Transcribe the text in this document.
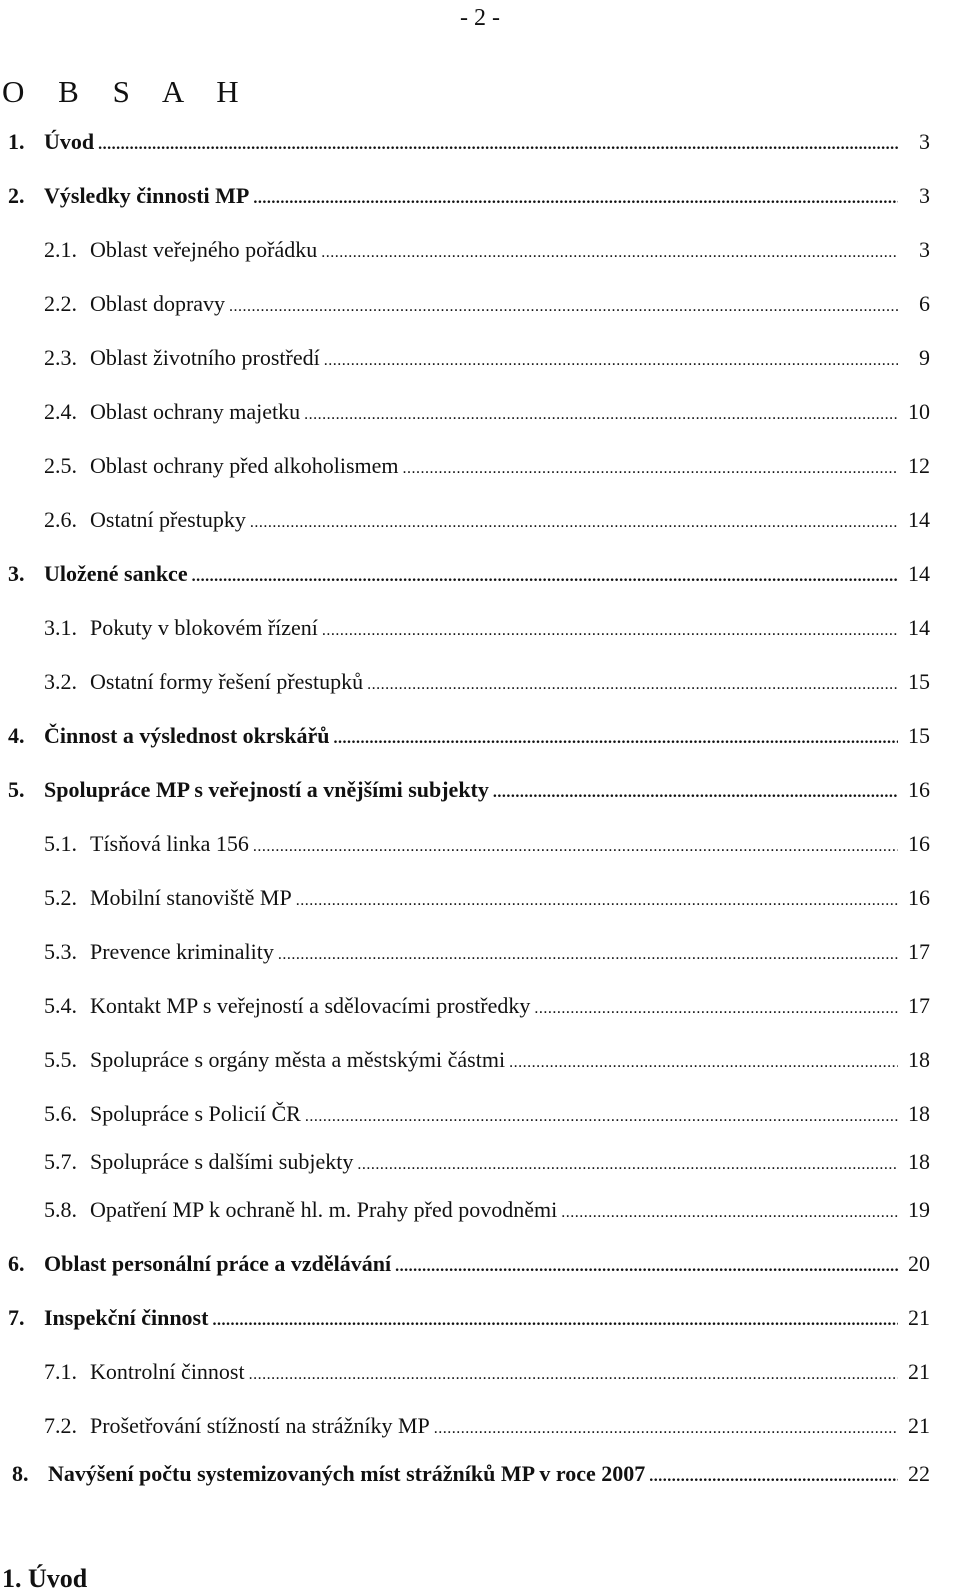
- 2 -
O B S A H
1. Úvod .....	3
2. Výsledky činnosti MP .....	3
2.1. Oblast veřejného pořádku .....	3
2.2. Oblast dopravy .....	6
2.3. Oblast životního prostředí .....	9
2.4. Oblast ochrany majetku .....	10
2.5. Oblast ochrany před alkoholismem .....	12
2.6. Ostatní přestupky .....	14
3. Uložené sankce .....	14
3.1. Pokuty v blokovém řízení .....	14
3.2. Ostatní formy řešení přestupků .....	15
4. Činnost a výslednost okrskářů .....	15
5. Spolupráce MP s veřejností a vnějšími subjekty .....	16
5.1. Tísňová linka 156 .....	16
5.2. Mobilní stanoviště MP .....	16
5.3. Prevence kriminality .....	17
5.4. Kontakt MP s veřejností a sdělovacími prostředky .....	17
5.5. Spolupráce s orgány města a městskými částmi .....	18
5.6. Spolupráce s Policií ČR .....	18
5.7. Spolupráce s dalšími subjekty .....	18
5.8. Opatření MP k ochraně hl. m. Prahy před povodněmi .....	19
6. Oblast personální práce a vzdělávání .....	20
7. Inspekční činnost .....	21
7.1. Kontrolní činnost .....	21
7.2. Prošetřování stížností na strážníky MP .....	21
8. Navýšení počtu systemizovaných míst strážníků MP v roce 2007 .....	22
1. Úvod
